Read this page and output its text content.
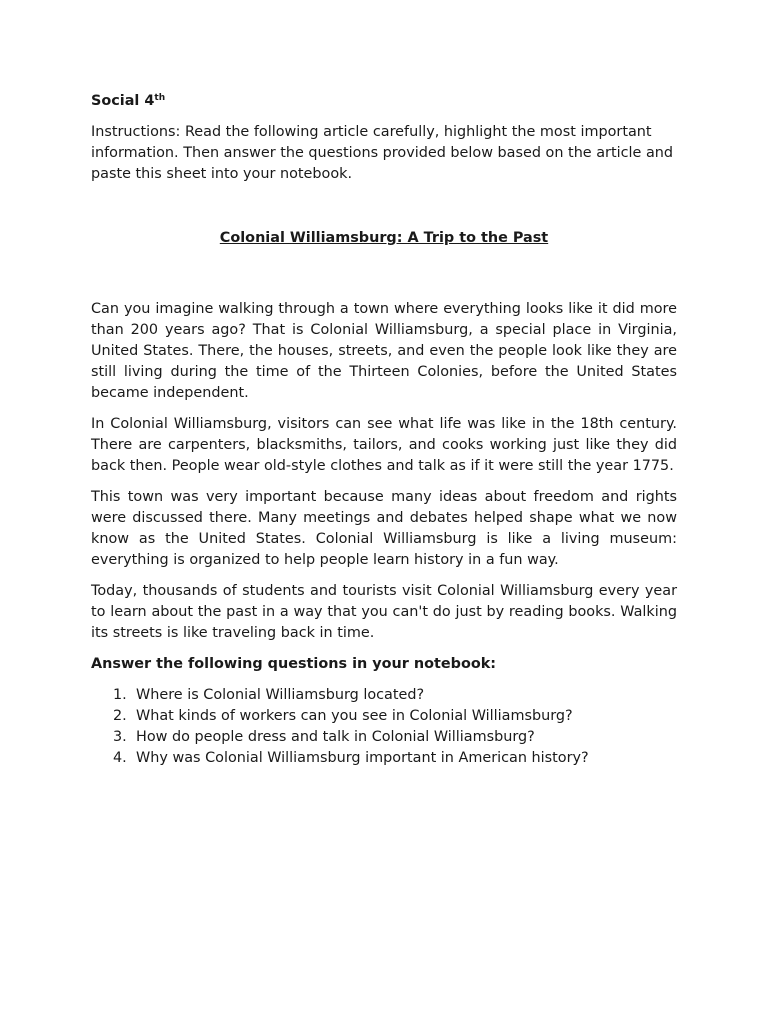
Social 4th

Instructions: Read the following article carefully, highlight the most important information. Then answer the questions provided below based on the article and paste this sheet into your notebook.

Colonial Williamsburg: A Trip to the Past

Can you imagine walking through a town where everything looks like it did more than 200 years ago? That is Colonial Williamsburg, a special place in Virginia, United States. There, the houses, streets, and even the people look like they are still living during the time of the Thirteen Colonies, before the United States became independent.

In Colonial Williamsburg, visitors can see what life was like in the 18th century. There are carpenters, blacksmiths, tailors, and cooks working just like they did back then. People wear old-style clothes and talk as if it were still the year 1775.

This town was very important because many ideas about freedom and rights were discussed there. Many meetings and debates helped shape what we now know as the United States. Colonial Williamsburg is like a living museum: everything is organized to help people learn history in a fun way.

Today, thousands of students and tourists visit Colonial Williamsburg every year to learn about the past in a way that you can't do just by reading books. Walking its streets is like traveling back in time.

Answer the following questions in your notebook:
1. Where is Colonial Williamsburg located?
2. What kinds of workers can you see in Colonial Williamsburg?
3. How do people dress and talk in Colonial Williamsburg?
4. Why was Colonial Williamsburg important in American history?
